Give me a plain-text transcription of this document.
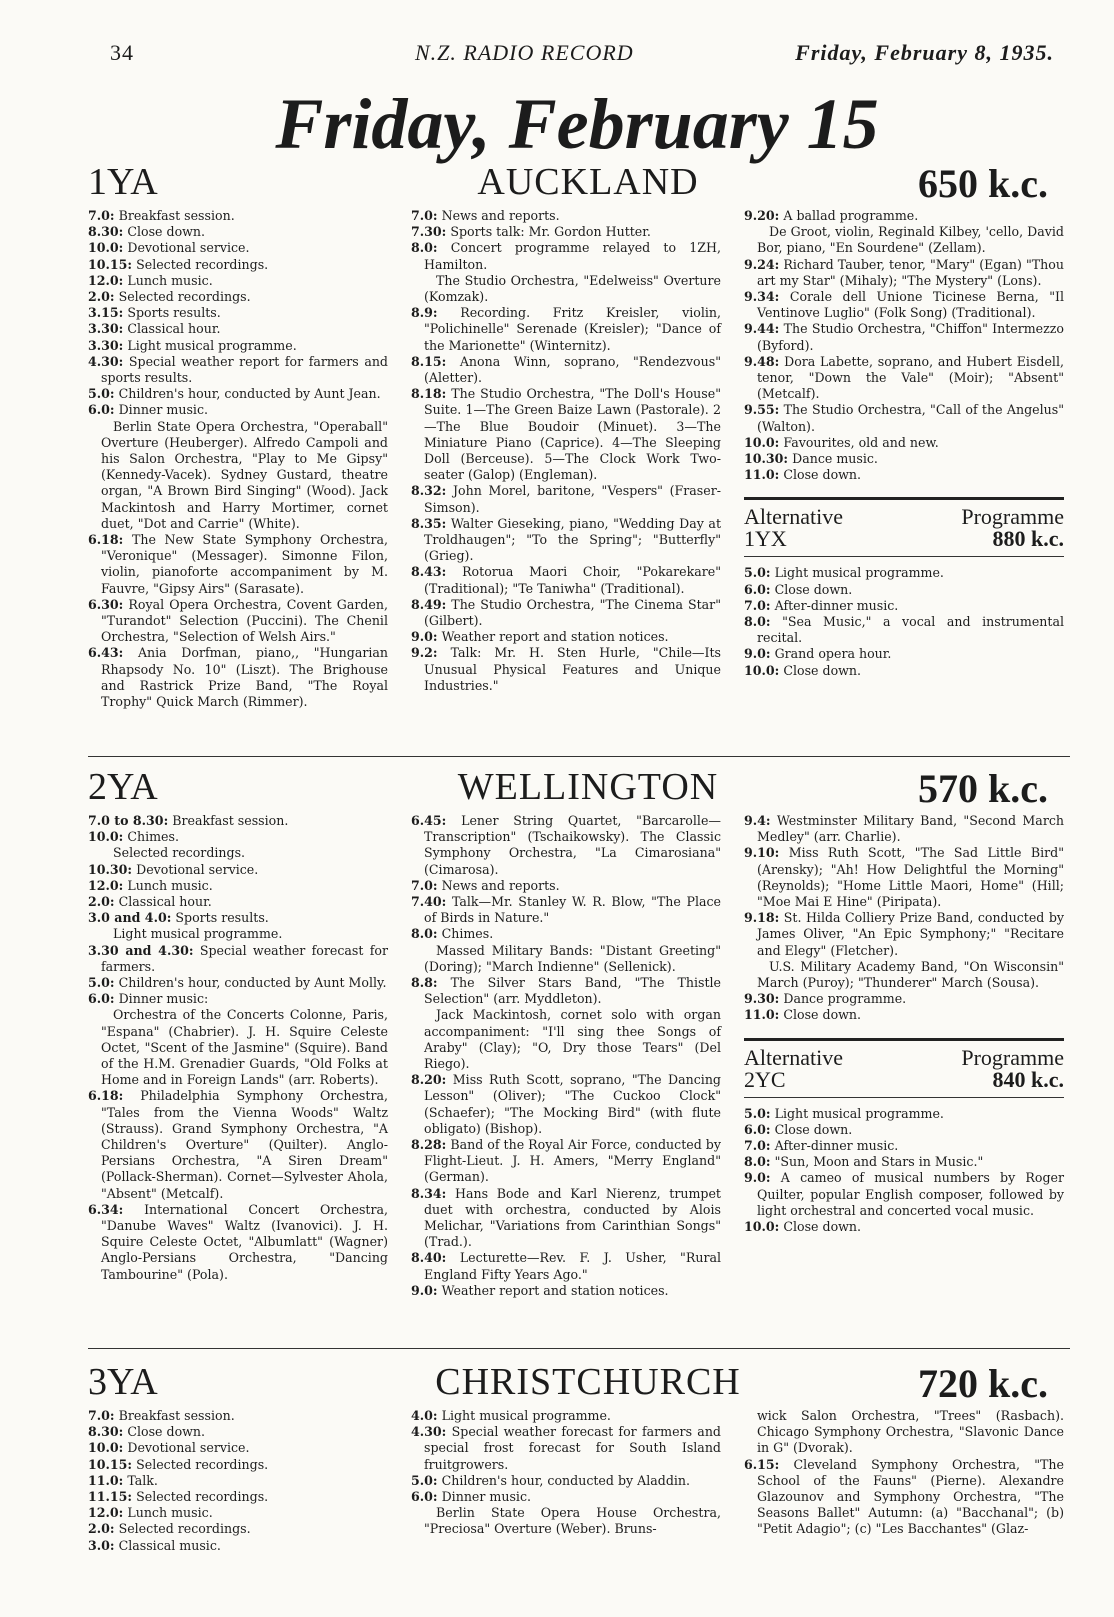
34	N.Z. RADIO RECORD	Friday, February 8, 1935.
Friday, February 15
1YA	AUCKLAND	650 k.c.

7.0: Breakfast session.

8.30: Close down.

10.0: Devotional service.

10.15: Selected recordings.

12.0: Lunch music.

2.0: Selected recordings.

3.15: Sports results.

3.30: Classical hour.

3.30: Light musical programme.

4.30: Special weather report for farmers and sports results.

5.0: Children's hour, conducted by Aunt Jean.

6.0: Dinner music.

Berlin State Opera Orchestra, "Operaball" Overture (Heuberger). Alfredo Campoli and his Salon Orchestra, "Play to Me Gipsy" (Kennedy-Vacek). Sydney Gustard, theatre organ, "A Brown Bird Singing" (Wood). Jack Mackintosh and Harry Mortimer, cornet duet, "Dot and Carrie" (White).

6.18: The New State Symphony Orchestra, "Veronique" (Messager). Simonne Filon, violin, pianoforte accompaniment by M. Fauvre, "Gipsy Airs" (Sarasate).

6.30: Royal Opera Orchestra, Covent Garden, "Turandot" Selection (Puccini). The Chenil Orchestra, "Selection of Welsh Airs."

6.43: Ania Dorfman, piano,, "Hungarian Rhapsody No. 10" (Liszt). The Brighouse and Rastrick Prize Band, "The Royal Trophy" Quick March (Rimmer).

7.0: News and reports.

7.30: Sports talk: Mr. Gordon Hutter.

8.0: Concert programme relayed to 1ZH, Hamilton.

The Studio Orchestra, "Edelweiss" Overture (Komzak).

8.9: Recording. Fritz Kreisler, violin, "Polichinelle" Serenade (Kreisler); "Dance of the Marionette" (Winternitz).

8.15: Anona Winn, soprano, "Rendezvous" (Aletter).

8.18: The Studio Orchestra, "The Doll's House" Suite. 1—The Green Baize Lawn (Pastorale). 2—The Blue Boudoir (Minuet). 3—The Miniature Piano (Caprice). 4—The Sleeping Doll (Berceuse). 5—The Clock Work Two-seater (Galop) (Engleman).

8.32: John Morel, baritone, "Vespers" (Fraser-Simson).

8.35: Walter Gieseking, piano, "Wedding Day at Troldhaugen"; "To the Spring"; "Butterfly" (Grieg).

8.43: Rotorua Maori Choir, "Pokarekare" (Traditional); "Te Taniwha" (Traditional).

8.49: The Studio Orchestra, "The Cinema Star" (Gilbert).

9.0: Weather report and station notices.

9.2: Talk: Mr. H. Sten Hurle, "Chile—Its Unusual Physical Features and Unique Industries."

9.20: A ballad programme.

De Groot, violin, Reginald Kilbey, 'cello, David Bor, piano, "En Sourdene" (Zellam).

9.24: Richard Tauber, tenor, "Mary" (Egan) "Thou art my Star" (Mihaly); "The Mystery" (Lons).

9.34: Corale dell Unione Ticinese Berna, "Il Ventinove Luglio" (Folk Song) (Traditional).

9.44: The Studio Orchestra, "Chiffon" Intermezzo (Byford).

9.48: Dora Labette, soprano, and Hubert Eisdell, tenor, "Down the Vale" (Moir); "Absent" (Metcalf).

9.55: The Studio Orchestra, "Call of the Angelus" (Walton).

10.0: Favourites, old and new.

10.30: Dance music.

11.0: Close down.

Alternative	Programme
1YX	880 k.c.

5.0: Light musical programme.

6.0: Close down.

7.0: After-dinner music.

8.0: "Sea Music," a vocal and instrumental recital.

9.0: Grand opera hour.

10.0: Close down.

2YA	WELLINGTON	570 k.c.

7.0 to 8.30: Breakfast session.

10.0: Chimes.

Selected recordings.

10.30: Devotional service.

12.0: Lunch music.

2.0: Classical hour.

3.0 and 4.0: Sports results.

Light musical programme.

3.30 and 4.30: Special weather forecast for farmers.

5.0: Children's hour, conducted by Aunt Molly.

6.0: Dinner music:

Orchestra of the Concerts Colonne, Paris, "Espana" (Chabrier). J. H. Squire Celeste Octet, "Scent of the Jasmine" (Squire). Band of the H.M. Grenadier Guards, "Old Folks at Home and in Foreign Lands" (arr. Roberts).

6.18: Philadelphia Symphony Orchestra, "Tales from the Vienna Woods" Waltz (Strauss). Grand Symphony Orchestra, "A Children's Overture" (Quilter). Anglo-Persians Orchestra, "A Siren Dream" (Pollack-Sherman). Cornet—Sylvester Ahola, "Absent" (Metcalf).

6.34: International Concert Orchestra, "Danube Waves" Waltz (Ivanovici). J. H. Squire Celeste Octet, "Albumlatt" (Wagner) Anglo-Persians Orchestra, "Dancing Tambourine" (Pola).

6.45: Lener String Quartet, "Barcarolle—Transcription" (Tschaikowsky). The Classic Symphony Orchestra, "La Cimarosiana" (Cimarosa).

7.0: News and reports.

7.40: Talk—Mr. Stanley W. R. Blow, "The Place of Birds in Nature."

8.0: Chimes.

Massed Military Bands: "Distant Greeting" (Doring); "March Indienne" (Sellenick).

8.8: The Silver Stars Band, "The Thistle Selection" (arr. Myddleton).

Jack Mackintosh, cornet solo with organ accompaniment: "I'll sing thee Songs of Araby" (Clay); "O, Dry those Tears" (Del Riego).

8.20: Miss Ruth Scott, soprano, "The Dancing Lesson" (Oliver); "The Cuckoo Clock" (Schaefer); "The Mocking Bird" (with flute obligato) (Bishop).

8.28: Band of the Royal Air Force, conducted by Flight-Lieut. J. H. Amers, "Merry England" (German).

8.34: Hans Bode and Karl Nierenz, trumpet duet with orchestra, conducted by Alois Melichar, "Variations from Carinthian Songs" (Trad.).

8.40: Lecturette—Rev. F. J. Usher, "Rural England Fifty Years Ago."

9.0: Weather report and station notices.

9.4: Westminster Military Band, "Second March Medley" (arr. Charlie).

9.10: Miss Ruth Scott, "The Sad Little Bird" (Arensky); "Ah! How Delightful the Morning" (Reynolds); "Home Little Maori, Home" (Hill; "Moe Mai E Hine" (Piripata).

9.18: St. Hilda Colliery Prize Band, conducted by James Oliver, "An Epic Symphony;" "Recitare and Elegy" (Fletcher).

U.S. Military Academy Band, "On Wisconsin" March (Puroy); "Thunderer" March (Sousa).

9.30: Dance programme.

11.0: Close down.

Alternative	Programme
2YC	840 k.c.

5.0: Light musical programme.

6.0: Close down.

7.0: After-dinner music.

8.0: "Sun, Moon and Stars in Music."

9.0: A cameo of musical numbers by Roger Quilter, popular English composer, followed by light orchestral and concerted vocal music.

10.0: Close down.

3YA	CHRISTCHURCH	720 k.c.

7.0: Breakfast session.

8.30: Close down.

10.0: Devotional service.

10.15: Selected recordings.

11.0: Talk.

11.15: Selected recordings.

12.0: Lunch music.

2.0: Selected recordings.

3.0: Classical music.

4.0: Light musical programme.

4.30: Special weather forecast for farmers and special frost forecast for South Island fruitgrowers.

5.0: Children's hour, conducted by Aladdin.

6.0: Dinner music.

Berlin State Opera House Orchestra, "Preciosa" Overture (Weber). Bruns-

wick Salon Orchestra, "Trees" (Rasbach). Chicago Symphony Orchestra, "Slavonic Dance in G" (Dvorak).

6.15: Cleveland Symphony Orchestra, "The School of the Fauns" (Pierne). Alexandre Glazounov and Symphony Orchestra, "The Seasons Ballet" Autumn: (a) "Bacchanal"; (b) "Petit Adagio"; (c) "Les Bacchantes" (Glaz-
